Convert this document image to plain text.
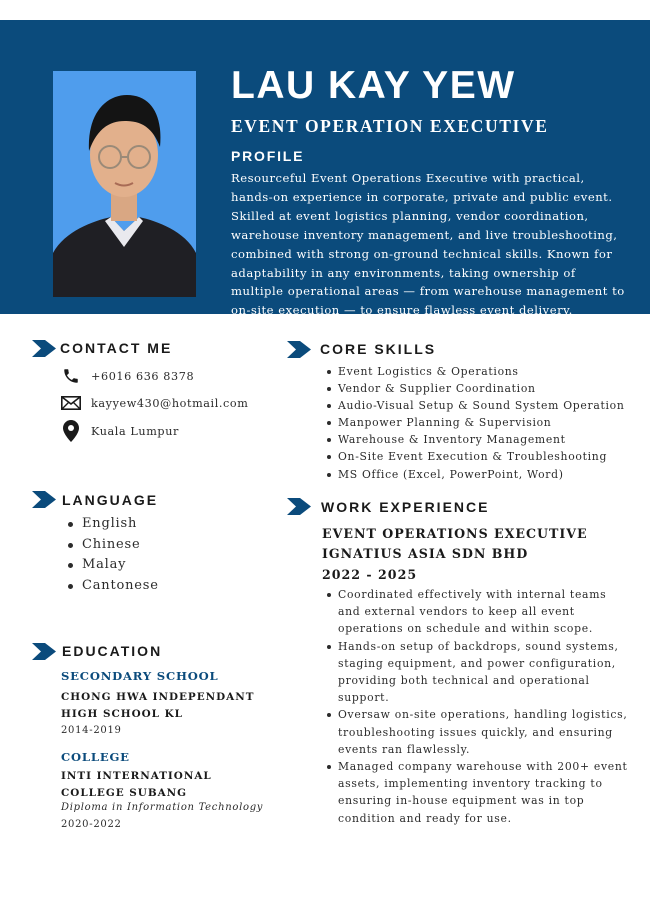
LAU KAY YEW
EVENT OPERATION EXECUTIVE
PROFILE
Resourceful Event Operations Executive with practical,
hands-on experience in corporate, private and public event.
Skilled at event logistics planning, vendor coordination,
warehouse inventory management, and live troubleshooting,
combined with strong on-ground technical skills. Known for
adaptability in any environments, taking ownership of
multiple operational areas — from warehouse management to
on-site execution — to ensure flawless event delivery.
CONTACT ME
+6016 636 8378
kayyew430@hotmail.com
Kuala Lumpur
LANGUAGE
English
Chinese
Malay
Cantonese
EDUCATION
SECONDARY SCHOOL
CHONG HWA INDEPENDANT
HIGH SCHOOL KL
2014-2019
COLLEGE
INTI INTERNATIONAL
COLLEGE SUBANG
Diploma in Information Technology
2020-2022
CORE SKILLS
Event Logistics & Operations
Vendor & Supplier Coordination
Audio-Visual Setup & Sound System Operation
Manpower Planning & Supervision
Warehouse & Inventory Management
On-Site Event Execution & Troubleshooting
MS Office (Excel, PowerPoint, Word)
WORK EXPERIENCE
EVENT OPERATIONS EXECUTIVE
IGNATIUS ASIA SDN BHD
2022 - 2025
Coordinated effectively with internal teams
and external vendors to keep all event
operations on schedule and within scope.
Hands-on setup of backdrops, sound systems,
staging equipment, and power configuration,
providing both technical and operational
support.
Oversaw on-site operations, handling logistics,
troubleshooting issues quickly, and ensuring
events ran flawlessly.
Managed company warehouse with 200+ event
assets, implementing inventory tracking to
ensuring in-house equipment was in top
condition and ready for use.
